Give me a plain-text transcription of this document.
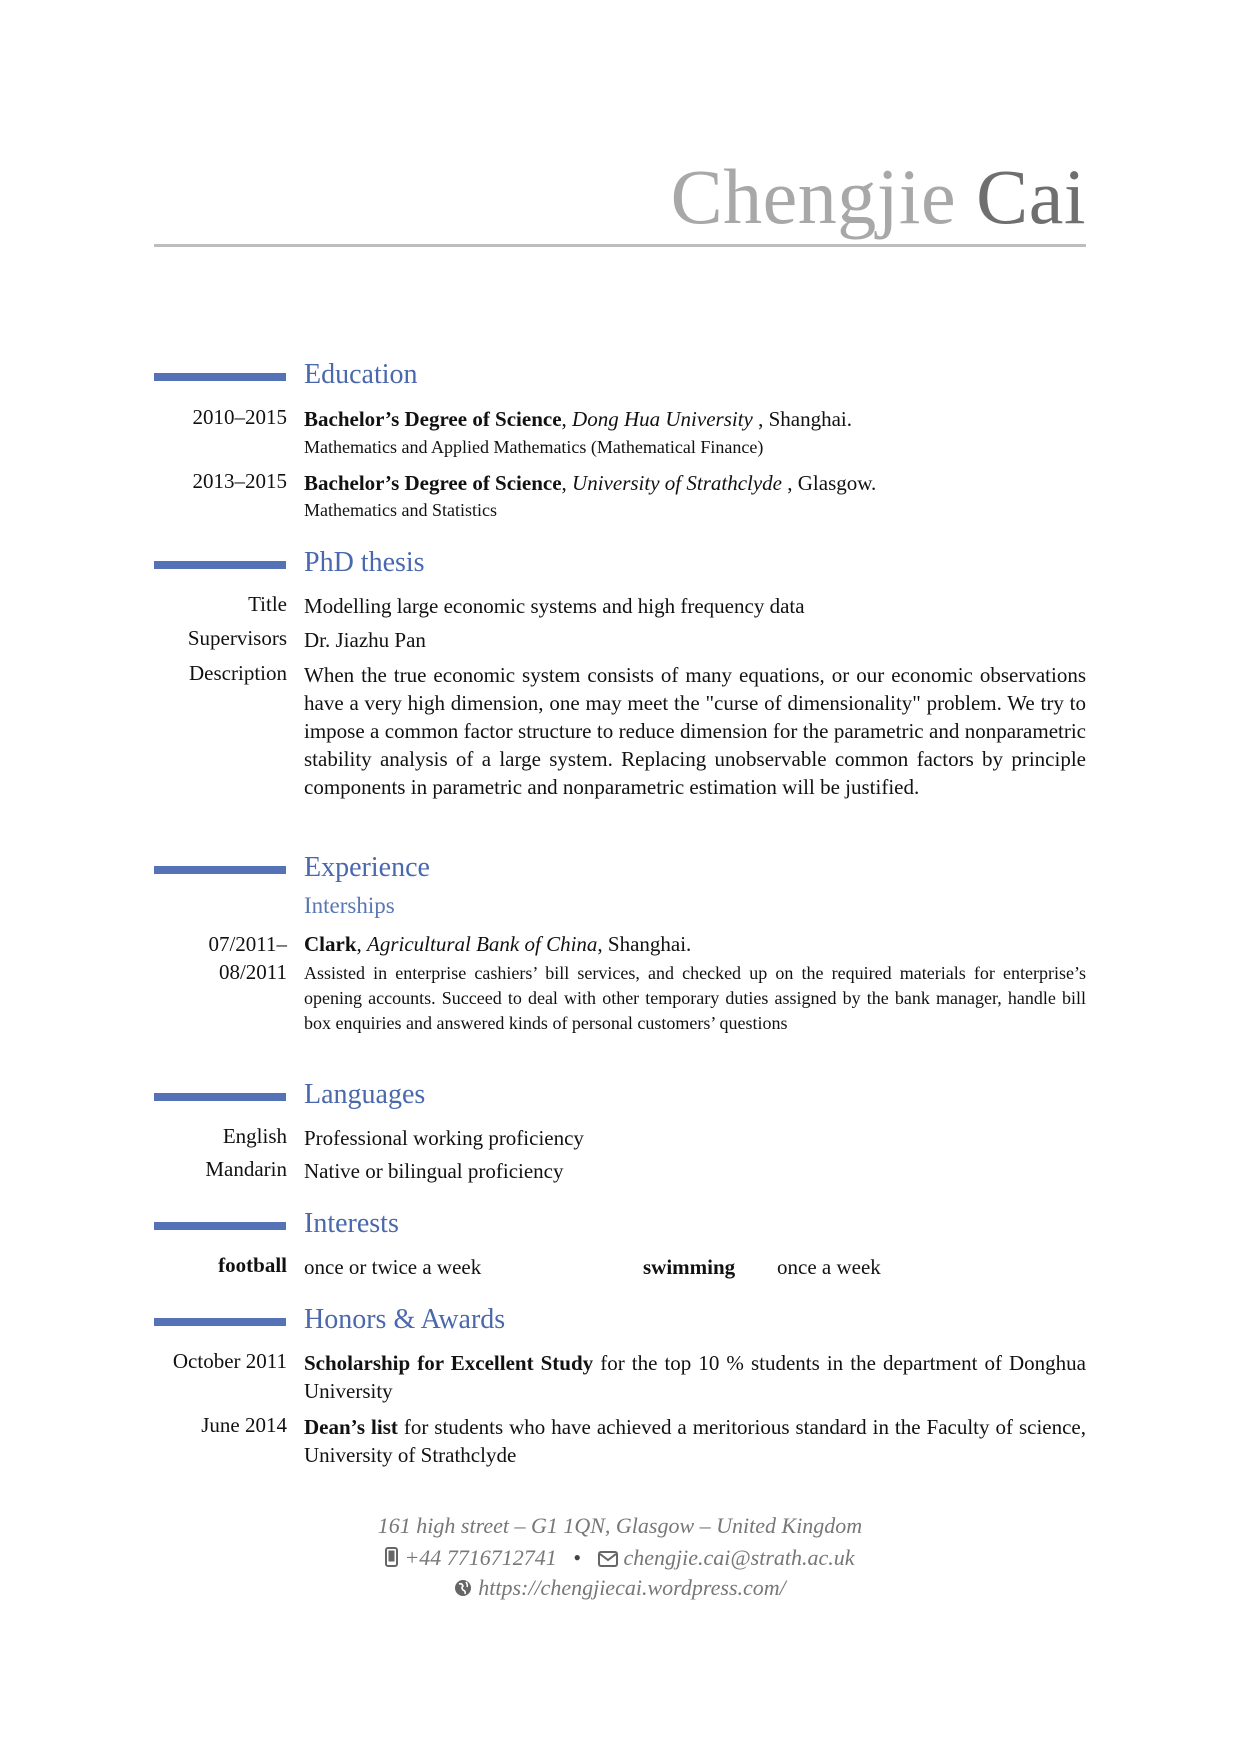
Chengjie Cai
Education
2010–2015 Bachelor’s Degree of Science, Dong Hua University , Shanghai.
Mathematics and Applied Mathematics (Mathematical Finance)
2013–2015 Bachelor’s Degree of Science, University of Strathclyde , Glasgow.
Mathematics and Statistics
PhD thesis
Title Modelling large economic systems and high frequency data
Supervisors Dr. Jiazhu Pan
Description When the true economic system consists of many equations, or our economic observations have a very high dimension, one may meet the "curse of dimensionality" problem. We try to impose a common factor structure to reduce dimension for the parametric and nonparametric stability analysis of a large system. Replacing unobservable common factors by principle components in parametric and nonparametric estimation will be justified.
Experience
Interships
07/2011–
08/2011
Clark, Agricultural Bank of China, Shanghai.
Assisted in enterprise cashiers’ bill services, and checked up on the required materials for enterprise’s opening accounts. Succeed to deal with other temporary duties assigned by the bank manager, handle bill box enquiries and answered kinds of personal customers’ questions
Languages
English Professional working proficiency
Mandarin Native or bilingual proficiency
Interests
football once or twice a week	swimming	once a week
Honors & Awards
October 2011 Scholarship for Excellent Study for the top 10 % students in the department of Donghua University
June 2014 Dean’s list for students who have achieved a meritorious standard in the Faculty of science, University of Strathclyde
161 high street – G1 1QN, Glasgow – United Kingdom
+44 7716712741 • chengjie.cai@strath.ac.uk
https://chengjiecai.wordpress.com/
